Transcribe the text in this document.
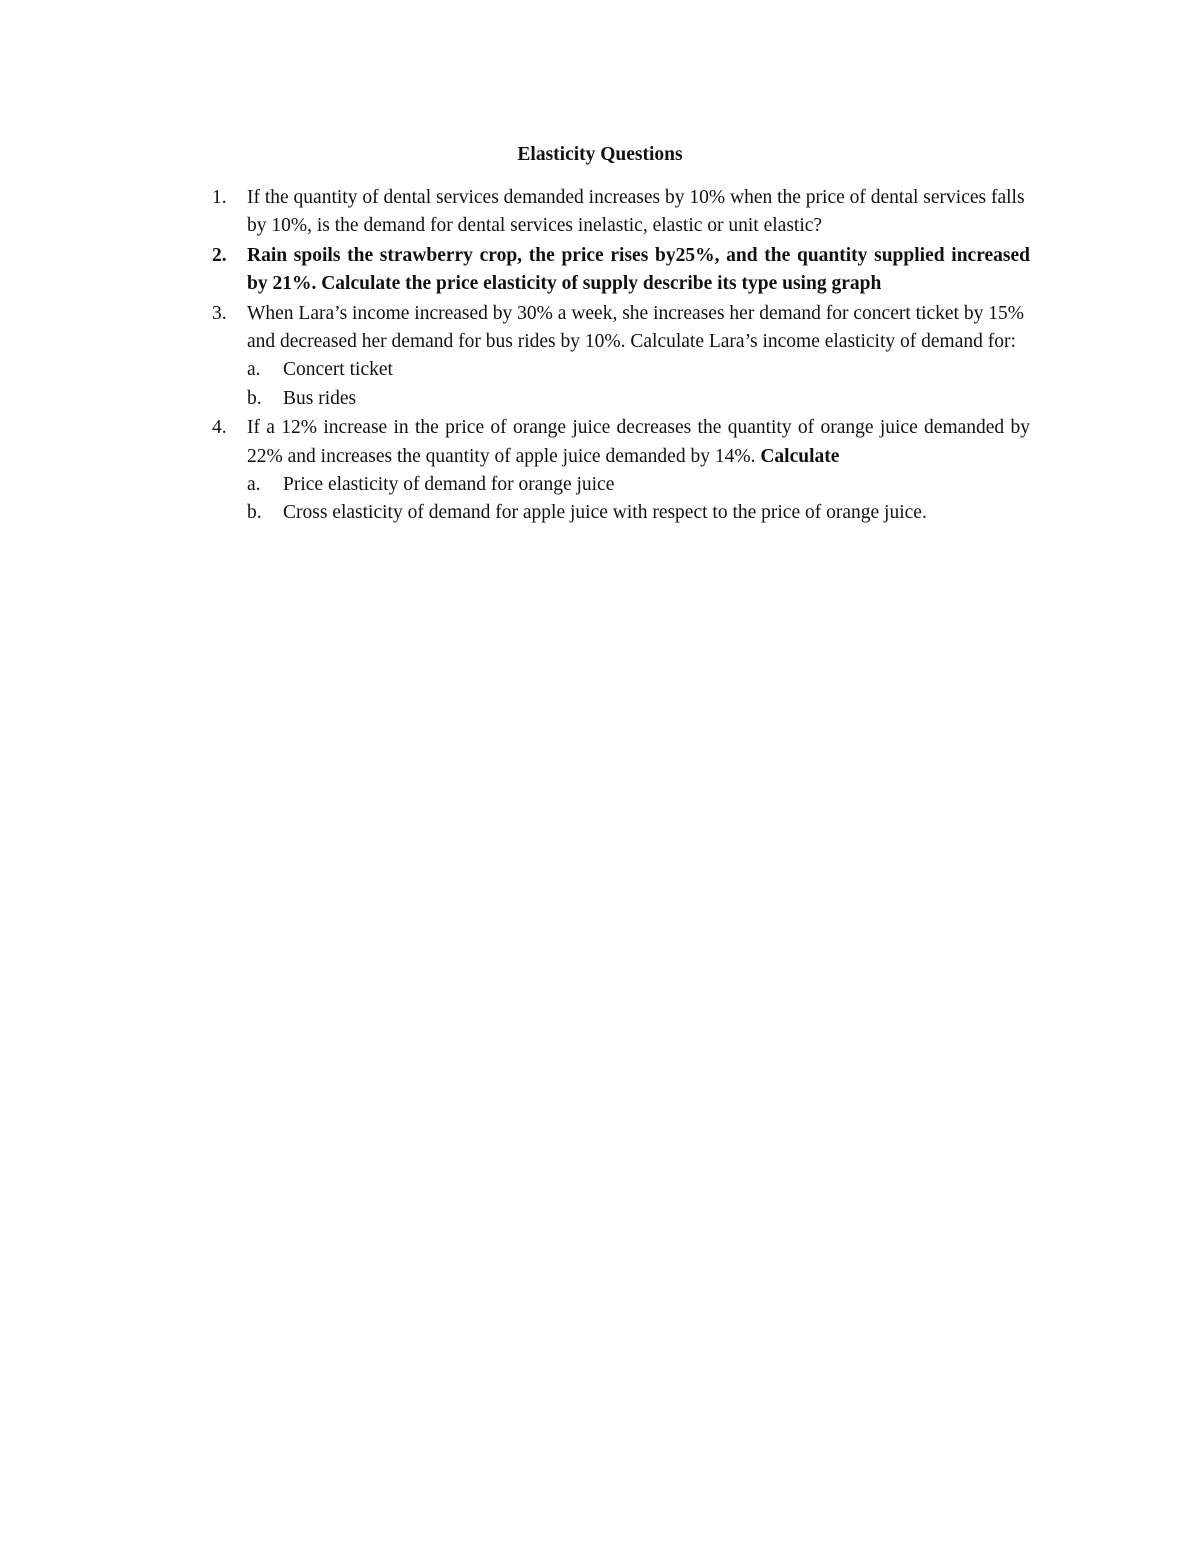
Elasticity Questions
1. If the quantity of dental services demanded increases by 10% when the price of dental services falls by 10%, is the demand for dental services inelastic, elastic or unit elastic?
2. Rain spoils the strawberry crop, the price rises by25%, and the quantity supplied increased by 21%. Calculate the price elasticity of supply describe its type using graph
3. When Lara’s income increased by 30% a week, she increases her demand for concert ticket by 15% and decreased her demand for bus rides by 10%. Calculate Lara’s income elasticity of demand for:
a. Concert ticket
b. Bus rides
4. If a 12% increase in the price of orange juice decreases the quantity of orange juice demanded by 22% and increases the quantity of apple juice demanded by 14%. Calculate
a. Price elasticity of demand for orange juice
b. Cross elasticity of demand for apple juice with respect to the price of orange juice.
